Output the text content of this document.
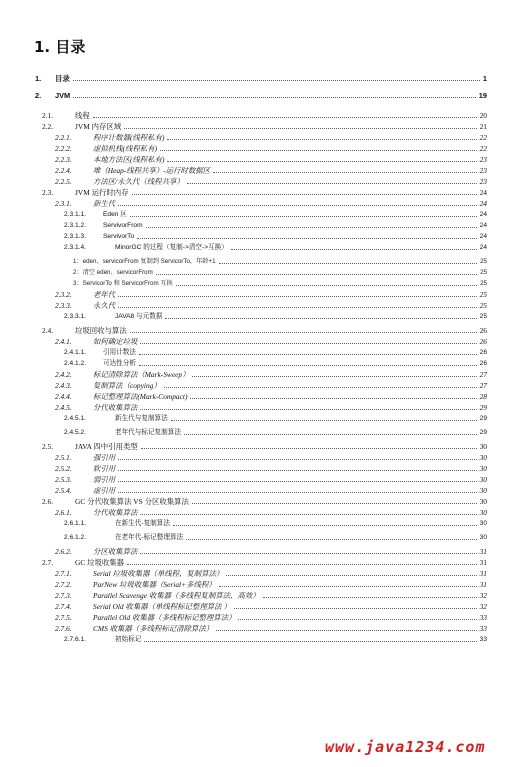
1. 目录
1. 目录	1
2. JVM	19
2.1.	线程	20
2.2.	JVM 内存区域	21
2.2.1.	程序计数器(线程私有)	22
2.2.2.	虚拟机栈(线程私有)	22
2.2.3.	本地方法区(线程私有)	23
2.2.4.	堆（Heap-线程共享）-运行时数据区	23
2.2.5.	方法区/永久代（线程共享）	23
2.3.	JVM 运行时内存	24
2.3.1.	新生代	24
2.3.1.1.	Eden 区	24
2.3.1.2.	ServivorFrom	24
2.3.1.3.	ServivorTo	24
2.3.1.4.	MinorGC 的过程（复制->清空->互换）	24
1：eden、servicorFrom 复制到 ServicorTo，年龄+1	25
2：清空 eden、servicorFrom	25
3：ServicorTo 和 ServicorFrom 互换	25
2.3.2.	老年代	25
2.3.3.	永久代	25
2.3.3.1.	JAVA8 与元数据	25
2.4.	垃圾回收与算法	26
2.4.1.	如何确定垃圾	26
2.4.1.1.	引用计数法	26
2.4.1.2.	可达性分析	26
2.4.2.	标记清除算法（Mark-Sweep）	27
2.4.3.	复制算法（copying）	27
2.4.4.	标记整理算法(Mark-Compact)	28
2.4.5.	分代收集算法	29
2.4.5.1.	新生代与复制算法	29
2.4.5.2.	老年代与标记复制算法	29
2.5.	JAVA 四中引用类型	30
2.5.1.	强引用	30
2.5.2.	软引用	30
2.5.3.	弱引用	30
2.5.4.	虚引用	30
2.6.	GC 分代收集算法 VS 分区收集算法	30
2.6.1.	分代收集算法	30
2.6.1.1.	在新生代-复制算法	30
2.6.1.2.	在老年代-标记整理算法	30
2.6.2.	分区收集算法	31
2.7.	GC 垃圾收集器	31
2.7.1.	Serial 垃圾收集器（单线程、复制算法）	31
2.7.2.	ParNew 垃圾收集器（Serial+多线程）	31
2.7.3.	Parallel Scavenge 收集器（多线程复制算法、高效）	32
2.7.4.	Serial Old 收集器（单线程标记整理算法 ）	32
2.7.5.	Parallel Old 收集器（多线程标记整理算法）	33
2.7.6.	CMS 收集器（多线程标记清除算法）	33
2.7.6.1.	初始标记	33
www.java1234.com
